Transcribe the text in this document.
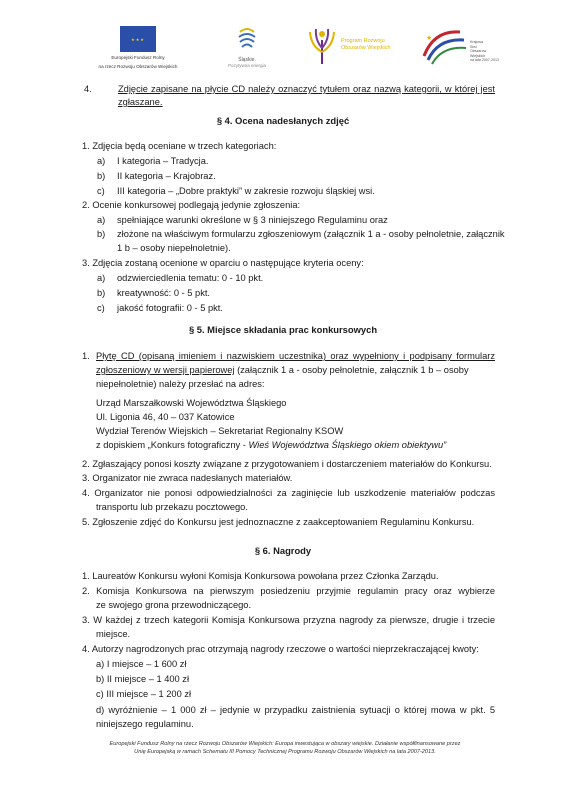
★★★
Europejski Fundusz Rolny
na rzecz Rozwoju Obszarów Wiejskich
Śląskie.
Pozytywna energia
Program Rozwoju
Obszarów Wiejskich
★	Krajowa
Sieć
Obszarów
Wiejskich
na lata 2007-2013
4.	Zdjęcie zapisane na płycie CD należy oznaczyć tytułem oraz nazwą kategorii, w której jest
zgłaszane.
§ 4. Ocena nadesłanych zdjęć
1. Zdjęcia będą oceniane w trzech kategoriach:
a) I kategoria – Tradycja.
b) II kategoria – Krajobraz.
c) III kategoria – „Dobre praktyki” w zakresie rozwoju śląskiej wsi.
2. Ocenie konkursowej podlegają jedynie zgłoszenia:
a) spełniające warunki określone w § 3 niniejszego Regulaminu oraz
b) złożone na właściwym formularzu zgłoszeniowym (załącznik 1 a - osoby pełnoletnie, załącznik
1 b – osoby niepełnoletnie).
3. Zdjęcia zostaną ocenione w oparciu o następujące kryteria oceny:
a) odzwierciedlenia tematu: 0 - 10 pkt.
b) kreatywność: 0 - 5 pkt.
c) jakość fotografii: 0 - 5 pkt.
§ 5. Miejsce składania prac konkursowych
1. Płytę CD (opisaną imieniem i nazwiskiem uczestnika) oraz wypełniony i podpisany formularz
zgłoszeniowy w wersji papierowej (załącznik 1 a - osoby pełnoletnie, załącznik 1 b – osoby
niepełnoletnie) należy przesłać na adres:
Urząd Marszałkowski Województwa Śląskiego
Ul. Ligonia 46, 40 – 037 Katowice
Wydział Terenów Wiejskich – Sekretariat Regionalny KSOW
z dopiskiem „Konkurs fotograficzny - Wieś Województwa Śląskiego okiem obiektywu”
2. Zgłaszający ponosi koszty związane z przygotowaniem i dostarczeniem materiałów do Konkursu.
3. Organizator nie zwraca nadesłanych materiałów.
4. Organizator nie ponosi odpowiedzialności za zaginięcie lub uszkodzenie materiałów podczas
transportu lub przekazu pocztowego.
5. Zgłoszenie zdjęć do Konkursu jest jednoznaczne z zaakceptowaniem Regulaminu Konkursu.
§ 6. Nagrody
1. Laureatów Konkursu wyłoni Komisja Konkursowa powołana przez Członka Zarządu.
2. Komisja Konkursowa na pierwszym posiedzeniu przyjmie regulamin pracy oraz wybierze
ze swojego grona przewodniczącego.
3. W każdej z trzech kategorii Komisja Konkursowa przyzna nagrody za pierwsze, drugie i trzecie
miejsce.
4. Autorzy nagrodzonych prac otrzymają nagrody rzeczowe o wartości nieprzekraczającej kwoty:
a) I miejsce – 1 600 zł
b) II miejsce – 1 400 zł
c) III miejsce – 1 200 zł
d) wyróżnienie – 1 000 zł – jedynie w przypadku zaistnienia sytuacji o której mowa w pkt. 5
niniejszego regulaminu.
Europejski Fundusz Rolny na rzecz Rozwoju Obszarów Wiejskich: Europa inwestująca w obszary wiejskie. Działanie współfinansowane przez
Unię Europejską w ramach Schematu III Pomocy Technicznej Programu Rozwoju Obszarów Wiejskich na lata 2007-2013.
